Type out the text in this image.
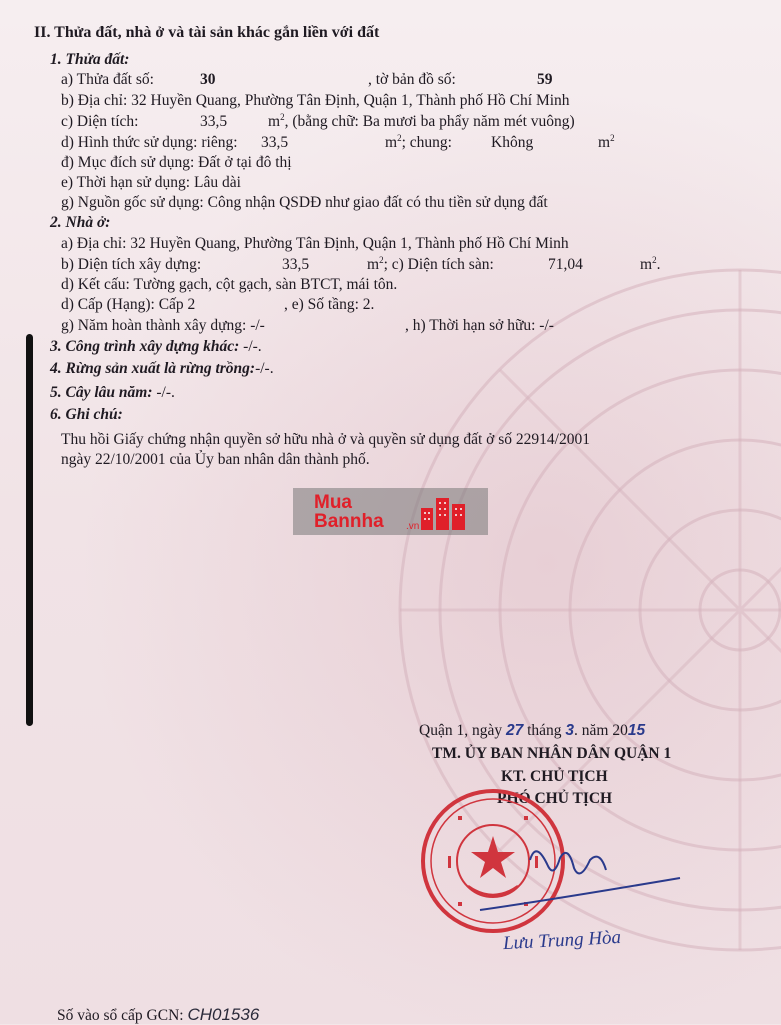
II. Thửa đất, nhà ở và tài sản khác gắn liền với đất
1. Thửa đất:
a) Thửa đất số:	30	, tờ bản đồ số:	59
b) Địa chỉ: 32 Huyền Quang, Phường Tân Định, Quận 1, Thành phố Hồ Chí Minh
c) Diện tích:	33,5	$m^2$, (bằng chữ: Ba mươi ba phẩy năm mét vuông)
d) Hình thức sử dụng: riêng: 33,5	$m^2$; chung:	Không	$m^2$
đ) Mục đích sử dụng: Đất ở tại đô thị
e) Thời hạn sử dụng: Lâu dài
g) Nguồn gốc sử dụng: Công nhận QSDĐ như giao đất có thu tiền sử dụng đất
2. Nhà ở:
a) Địa chỉ: 32 Huyền Quang, Phường Tân Định, Quận 1, Thành phố Hồ Chí Minh
b) Diện tích xây dựng:	33,5	$m^2$; c) Diện tích sàn:	71,04	$m^2$.
d) Kết cấu: Tường gạch, cột gạch, sàn BTCT, mái tôn.
d) Cấp (Hạng): Cấp 2	, e) Số tầng: 2.
g) Năm hoàn thành xây dựng: -/-	, h) Thời hạn sở hữu: -/-
3. Công trình xây dựng khác: -/-.
4. Rừng sản xuất là rừng trồng:-/-.
5. Cây lâu năm: -/-.
6. Ghi chú:
Thu hồi Giấy chứng nhận quyền sở hữu nhà ở và quyền sử dụng đất ở số 22914/2001
ngày 22/10/2001 của Ủy ban nhân dân thành phố.
Mua
Bannha .vn
Quận 1, ngày 27 tháng 3. năm 2015
TM. ỦY BAN NHÂN DÂN QUẬN 1
KT. CHỦ TỊCH
PHÓ CHỦ TỊCH
Lưu Trung Hòa
Số vào sổ cấp GCN: CH01536
